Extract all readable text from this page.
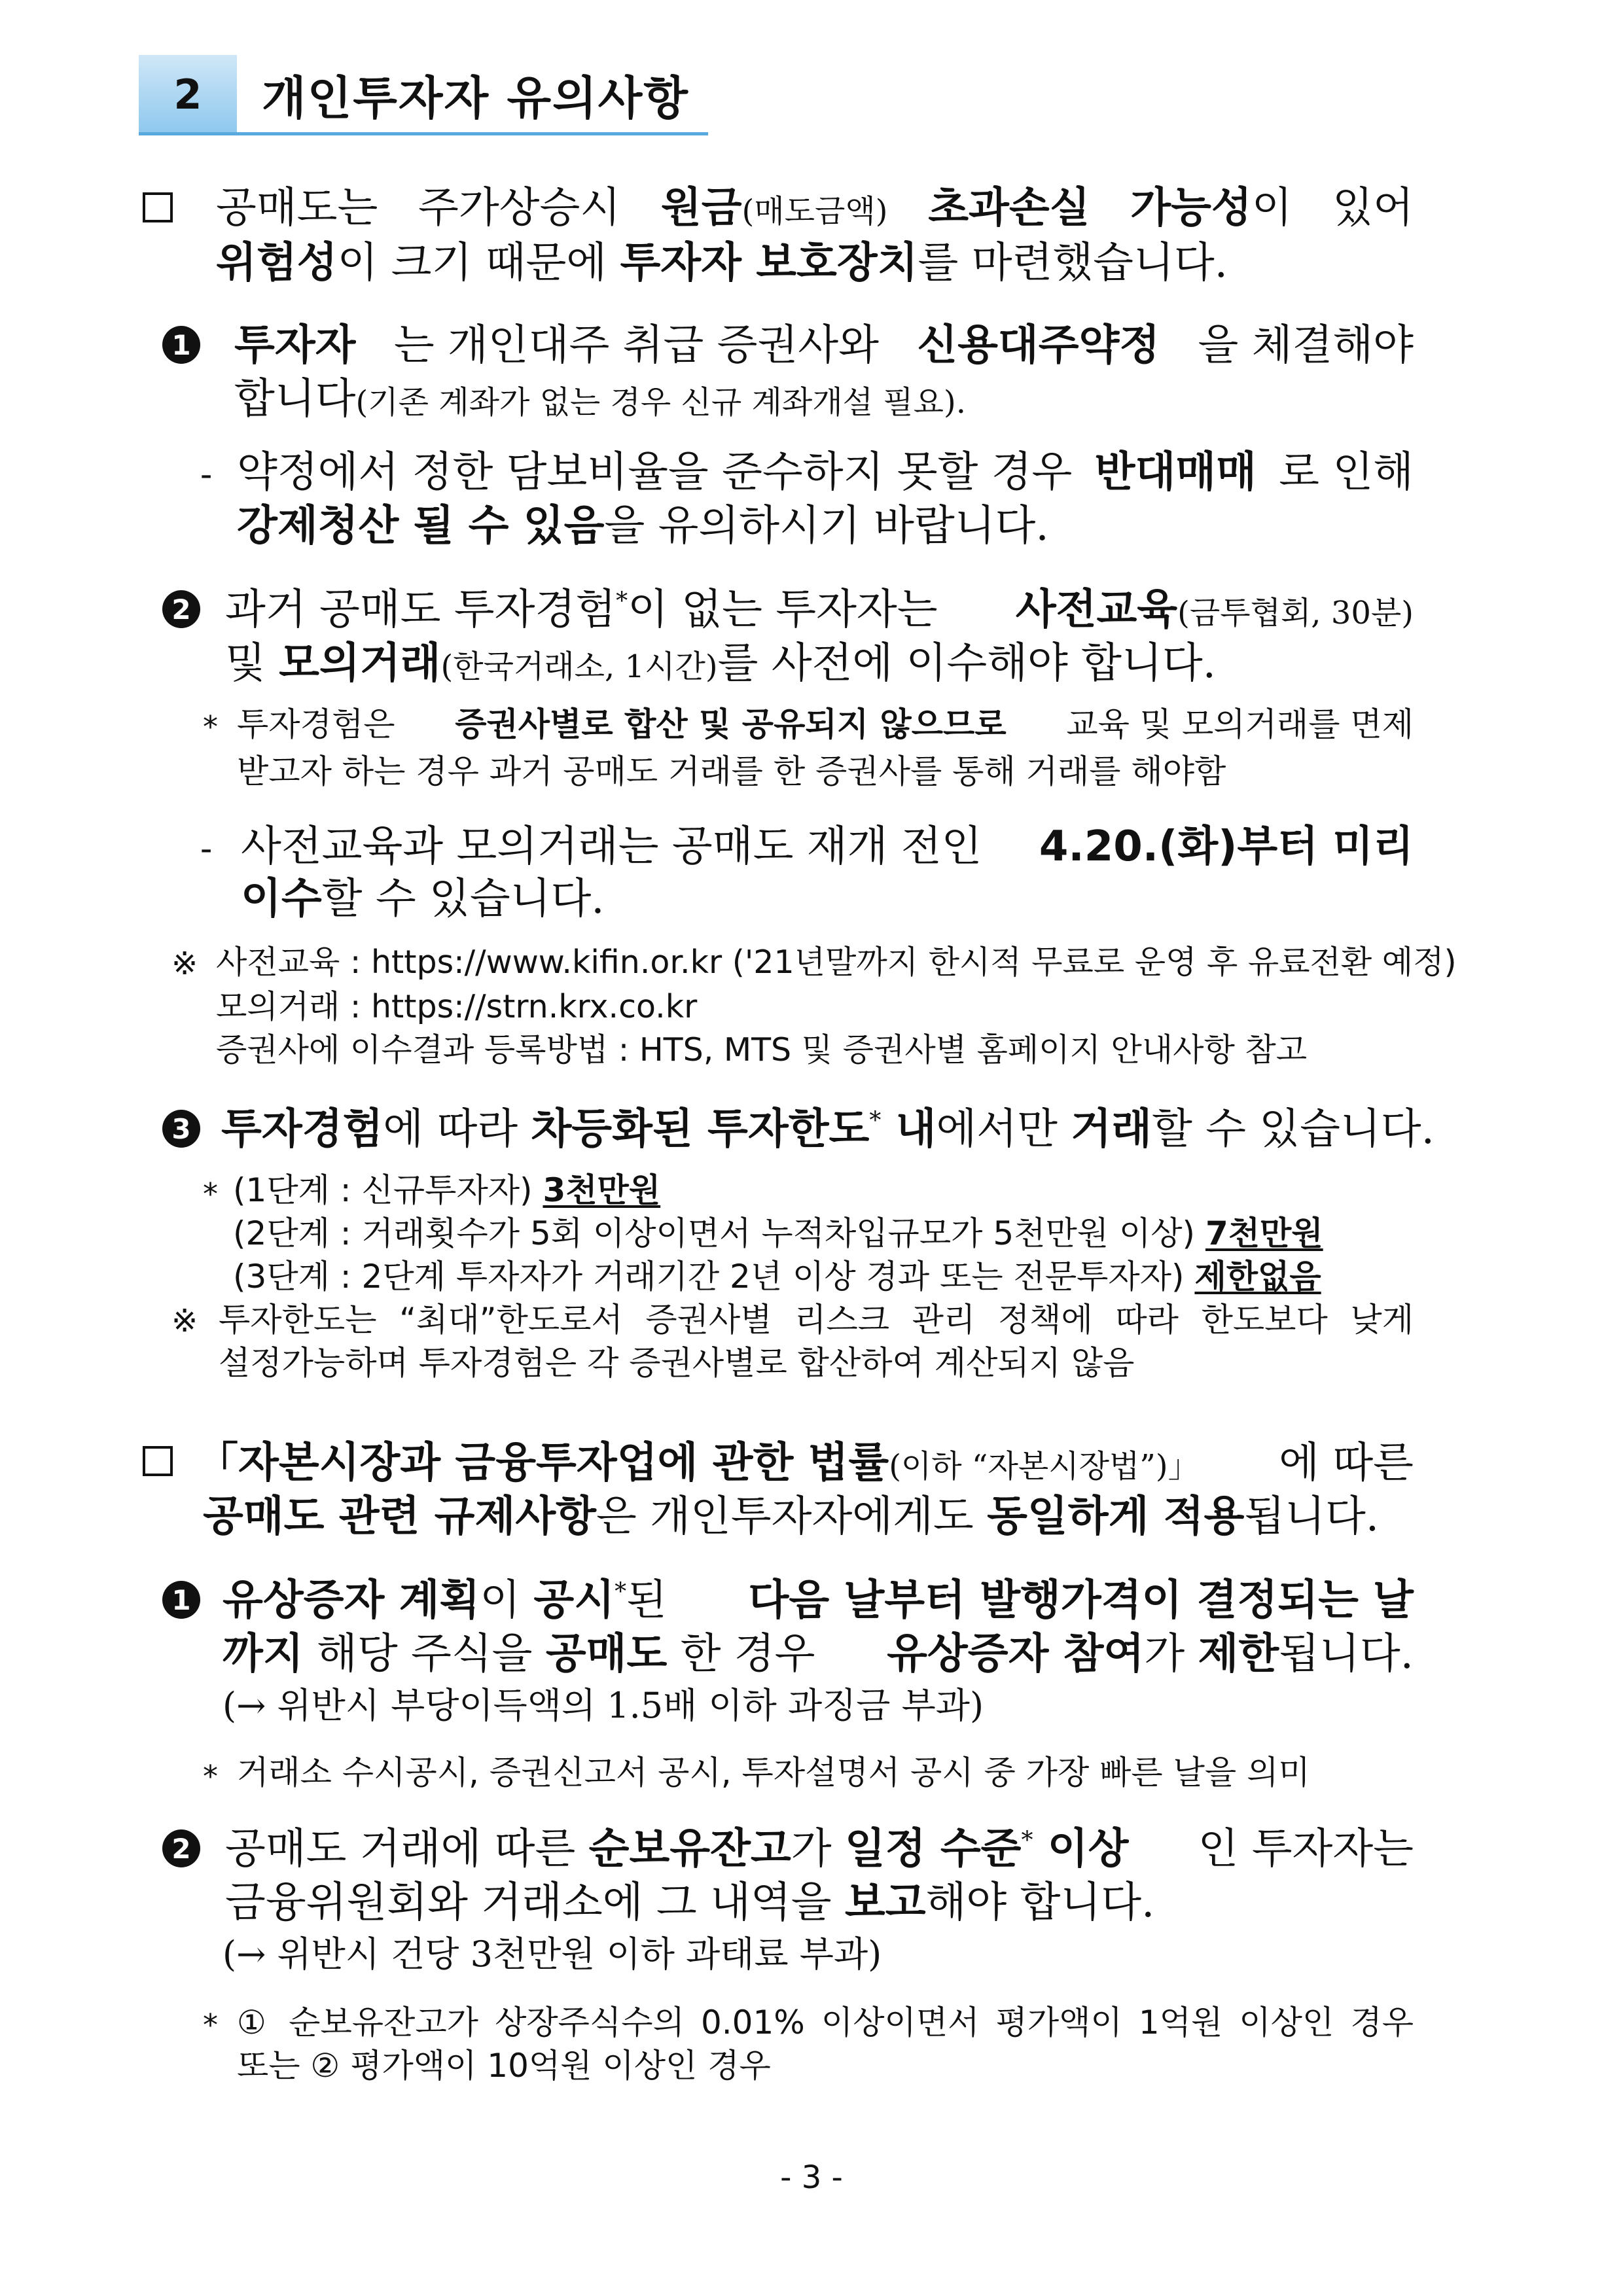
2	개인투자자 유의사항
공매도는 주가상승시 원금(매도금액) 초과손실 가능성이 있어
위험성이 크기 때문에 투자자 보호장치를 마련했습니다.
1 투자자 는 개인대주 취급 증권사와 신용대주약정 을 체결해야
합니다(기존 계좌가 없는 경우 신규 계좌개설 필요).
- 약정에서 정한 담보비율을 준수하지 못할 경우 반대매매 로 인해
강제청산 될 수 있음을 유의하시기 바랍니다.
2 과거 공매도 투자경험*이 없는 투자자는 사전교육(금투협회, 30분)
및 모의거래(한국거래소, 1시간)를 사전에 이수해야 합니다.
* 투자경험은 증권사별로 합산 및 공유되지 않으므로 교육 및 모의거래를 면제
받고자 하는 경우 과거 공매도 거래를 한 증권사를 통해 거래를 해야함
- 사전교육과 모의거래는 공매도 재개 전인 4.20.(화)부터 미리
이수할 수 있습니다.
※ 사전교육 : https://www.kifin.or.kr ('21년말까지 한시적 무료로 운영 후 유료전환 예정)
모의거래 : https://strn.krx.co.kr
증권사에 이수결과 등록방법 : HTS, MTS 및 증권사별 홈페이지 안내사항 참고
3 투자경험에 따라 차등화된 투자한도* 내에서만 거래할 수 있습니다.
* (1단계 : 신규투자자) 3천만원
(2단계 : 거래횟수가 5회 이상이면서 누적차입규모가 5천만원 이상) 7천만원
(3단계 : 2단계 투자자가 거래기간 2년 이상 경과 또는 전문투자자) 제한없음
※ 투자한도는 “최대”한도로서 증권사별 리스크 관리 정책에 따라 한도보다 낮게
설정가능하며 투자경험은 각 증권사별로 합산하여 계산되지 않음
「자본시장과 금융투자업에 관한 법률(이하 “자본시장법”)」 에 따른
공매도 관련 규제사항은 개인투자자에게도 동일하게 적용됩니다.
1 유상증자 계획이 공시*된 다음 날부터 발행가격이 결정되는 날
까지 해당 주식을 공매도 한 경우 유상증자 참여가 제한됩니다.
(→ 위반시 부당이득액의 1.5배 이하 과징금 부과)
* 거래소 수시공시, 증권신고서 공시, 투자설명서 공시 중 가장 빠른 날을 의미
2 공매도 거래에 따른 순보유잔고가 일정 수준* 이상 인 투자자는
금융위원회와 거래소에 그 내역을 보고해야 합니다.
(→ 위반시 건당 3천만원 이하 과태료 부과)
* ① 순보유잔고가 상장주식수의 0.01% 이상이면서 평가액이 1억원 이상인 경우
또는 ② 평가액이 10억원 이상인 경우
- 3 -
